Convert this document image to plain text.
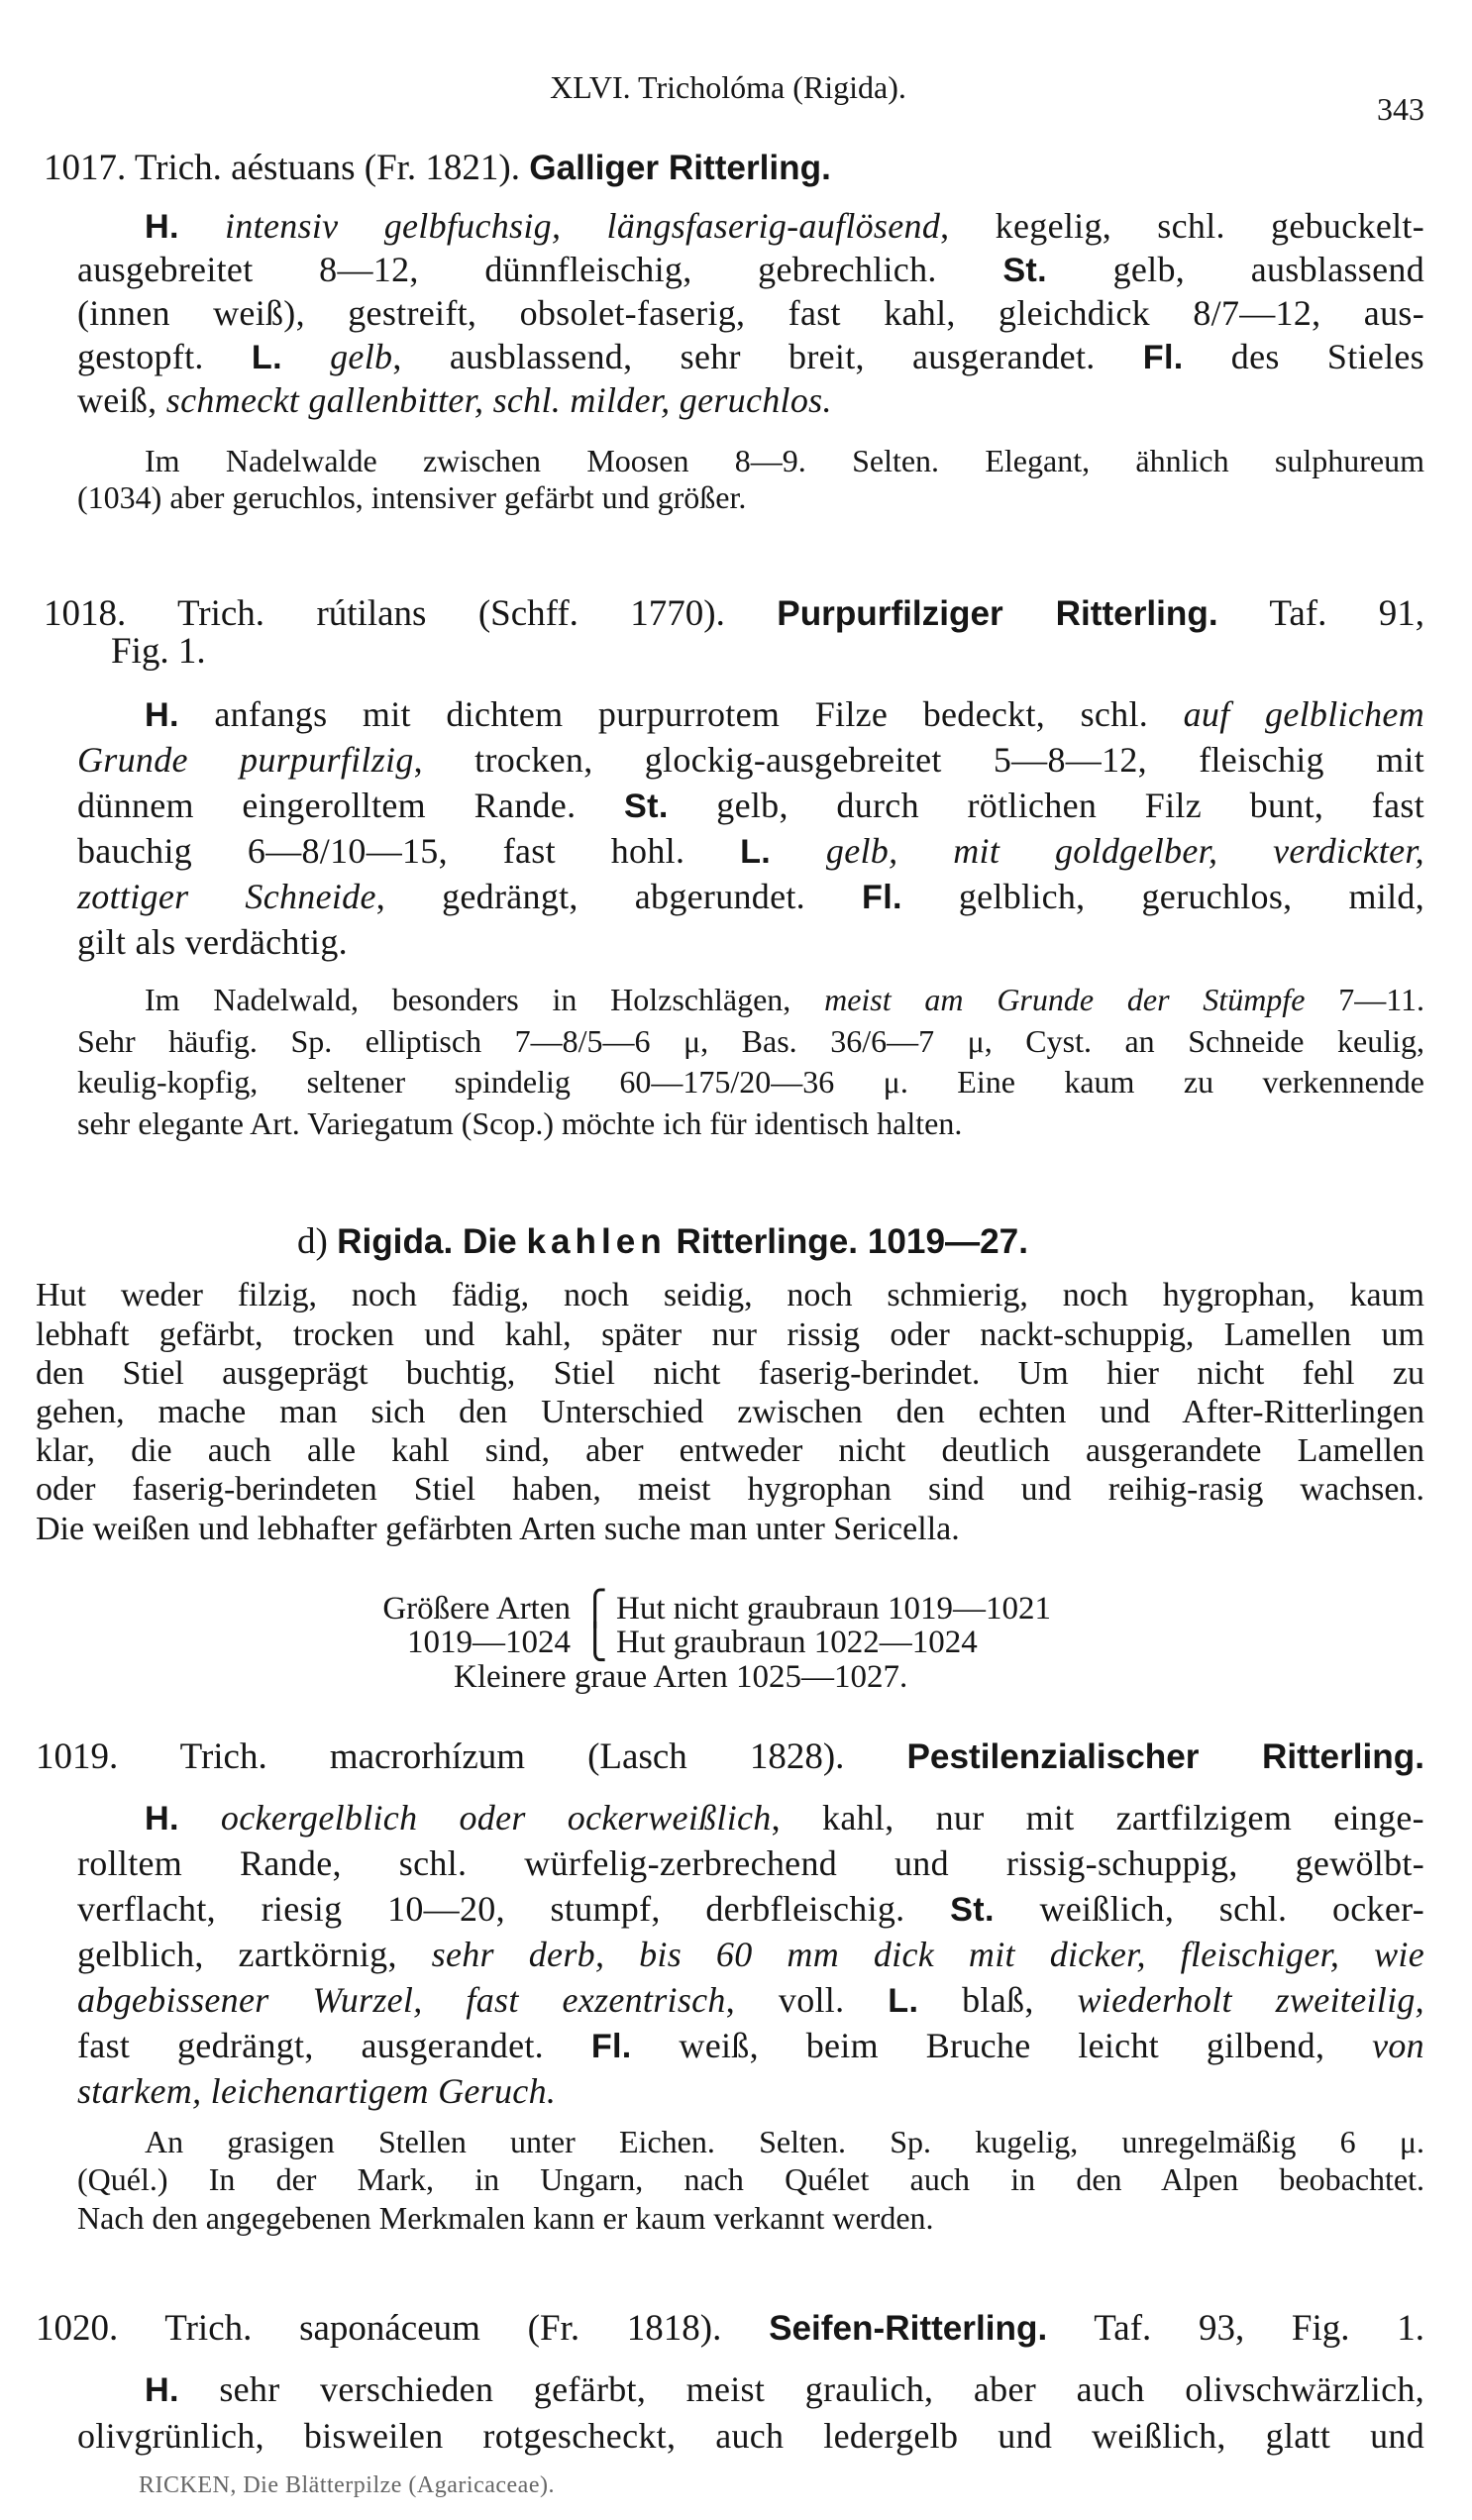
XLVI. Tricholóma (Rigida).
343
1017. Trich. aéstuans (Fr. 1821). Galliger Ritterling.
H. intensiv gelbfuchsig, längsfaserig-auflösend, kegelig, schl. gebuckelt-
ausgebreitet 8—12, dünnfleischig, gebrechlich. St. gelb, ausblassend
(innen weiß), gestreift, obsolet-faserig, fast kahl, gleichdick 8/7—12, aus-
gestopft. L. gelb, ausblassend, sehr breit, ausgerandet. Fl. des Stieles
weiß, schmeckt gallenbitter, schl. milder, geruchlos.
Im Nadelwalde zwischen Moosen 8—9. Selten. Elegant, ähnlich sulphureum
(1034) aber geruchlos, intensiver gefärbt und größer.
1018. Trich. rútilans (Schff. 1770). Purpurfilziger Ritterling. Taf. 91,
Fig. 1.
H. anfangs mit dichtem purpurrotem Filze bedeckt, schl. auf gelblichem
Grunde purpurfilzig, trocken, glockig-ausgebreitet 5—8—12, fleischig mit
dünnem eingerolltem Rande. St. gelb, durch rötlichen Filz bunt, fast
bauchig 6—8/10—15, fast hohl. L. gelb, mit goldgelber, verdickter,
zottiger Schneide, gedrängt, abgerundet. Fl. gelblich, geruchlos, mild,
gilt als verdächtig.
Im Nadelwald, besonders in Holzschlägen, meist am Grunde der Stümpfe 7—11.
Sehr häufig. Sp. elliptisch 7—8/5—6 μ, Bas. 36/6—7 μ, Cyst. an Schneide keulig,
keulig-kopfig, seltener spindelig 60—175/20—36 μ. Eine kaum zu verkennende
sehr elegante Art. Variegatum (Scop.) möchte ich für identisch halten.
d) Rigida. Die kahlen Ritterlinge. 1019—27.
Hut weder filzig, noch fädig, noch seidig, noch schmierig, noch hygrophan, kaum
lebhaft gefärbt, trocken und kahl, später nur rissig oder nackt-schuppig, Lamellen um
den Stiel ausgeprägt buchtig, Stiel nicht faserig-berindet. Um hier nicht fehl zu
gehen, mache man sich den Unterschied zwischen den echten und After-Ritterlingen
klar, die auch alle kahl sind, aber entweder nicht deutlich ausgerandete Lamellen
oder faserig-berindeten Stiel haben, meist hygrophan sind und reihig-rasig wachsen.
Die weißen und lebhafter gefärbten Arten suche man unter Sericella.
1019. Trich. macrorhízum (Lasch 1828). Pestilenzialischer Ritterling.
H. ockergelblich oder ockerweißlich, kahl, nur mit zartfilzigem einge-
rolltem Rande, schl. würfelig-zerbrechend und rissig-schuppig, gewölbt-
verflacht, riesig 10—20, stumpf, derbfleischig. St. weißlich, schl. ocker-
gelblich, zartkörnig, sehr derb, bis 60 mm dick mit dicker, fleischiger, wie
abgebissener Wurzel, fast exzentrisch, voll. L. blaß, wiederholt zweiteilig,
fast gedrängt, ausgerandet. Fl. weiß, beim Bruche leicht gilbend, von
starkem, leichenartigem Geruch.
An grasigen Stellen unter Eichen. Selten. Sp. kugelig, unregelmäßig 6 μ.
(Quél.) In der Mark, in Ungarn, nach Quélet auch in den Alpen beobachtet.
Nach den angegebenen Merkmalen kann er kaum verkannt werden.
1020. Trich. saponáceum (Fr. 1818). Seifen-Ritterling. Taf. 93, Fig. 1.
H. sehr verschieden gefärbt, meist graulich, aber auch olivschwärzlich,
olivgrünlich, bisweilen rotgescheckt, auch ledergelb und weißlich, glatt und
Größere Arten
1019—1024
⎧
⎩
Hut nicht graubraun 1019—1021
Hut graubraun 1022—1024
Kleinere graue Arten 1025—1027.
RICKEN, Die Blätterpilze (Agaricaceae).
